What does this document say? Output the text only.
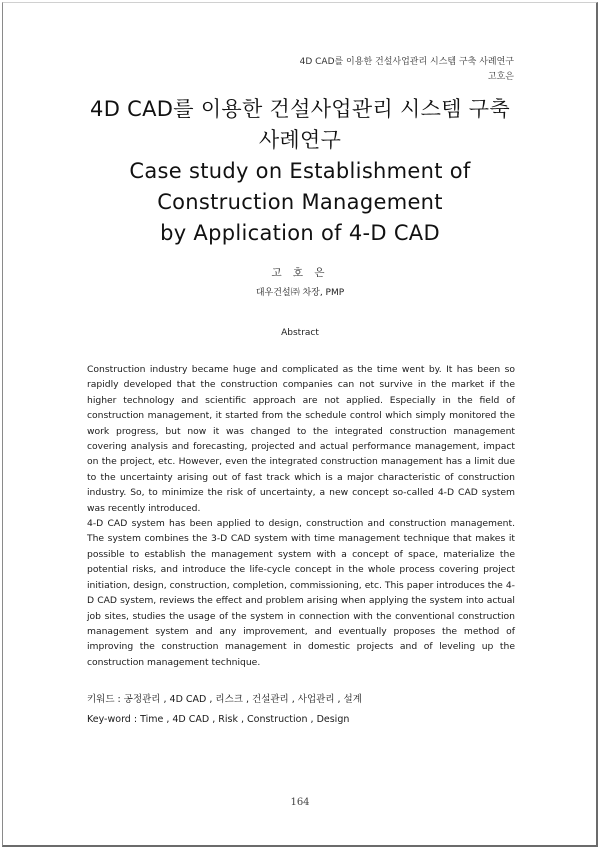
4D CAD를 이용한 건설사업관리 시스템 구축 사례연구
고호은
4D CAD를 이용한 건설사업관리 시스템 구축
사례연구
Case study on Establishment of
Construction Management
by Application of 4-D CAD
고 호 은
대우건설㈜ 차장, PMP
Abstract

Construction industry became huge and complicated as the time went by. It has been so rapidly developed that the construction companies can not survive in the market if the higher technology and scientific approach are not applied. Especially in the field of construction management, it started from the schedule control which simply monitored the work progress, but now it was changed to the integrated construction management covering analysis and forecasting, projected and actual performance management, impact on the project, etc. However, even the integrated construction management has a limit due to the uncertainty arising out of fast track which is a major characteristic of construction industry. So, to minimize the risk of uncertainty, a new concept so-called 4-D CAD system was recently introduced.

4-D CAD system has been applied to design, construction and construction management. The system combines the 3-D CAD system with time management technique that makes it possible to establish the management system with a concept of space, materialize the potential risks, and introduce the life-cycle concept in the whole process covering project initiation, design, construction, completion, commissioning, etc. This paper introduces the 4-D CAD system, reviews the effect and problem arising when applying the system into actual job sites, studies the usage of the system in connection with the conventional construction management system and any improvement, and eventually proposes the method of improving the construction management in domestic projects and of leveling up the construction management technique.

키워드 : 공정관리 , 4D CAD , 리스크 , 건설관리 , 사업관리 , 설계
Key-word : Time , 4D CAD , Risk , Construction , Design
164
